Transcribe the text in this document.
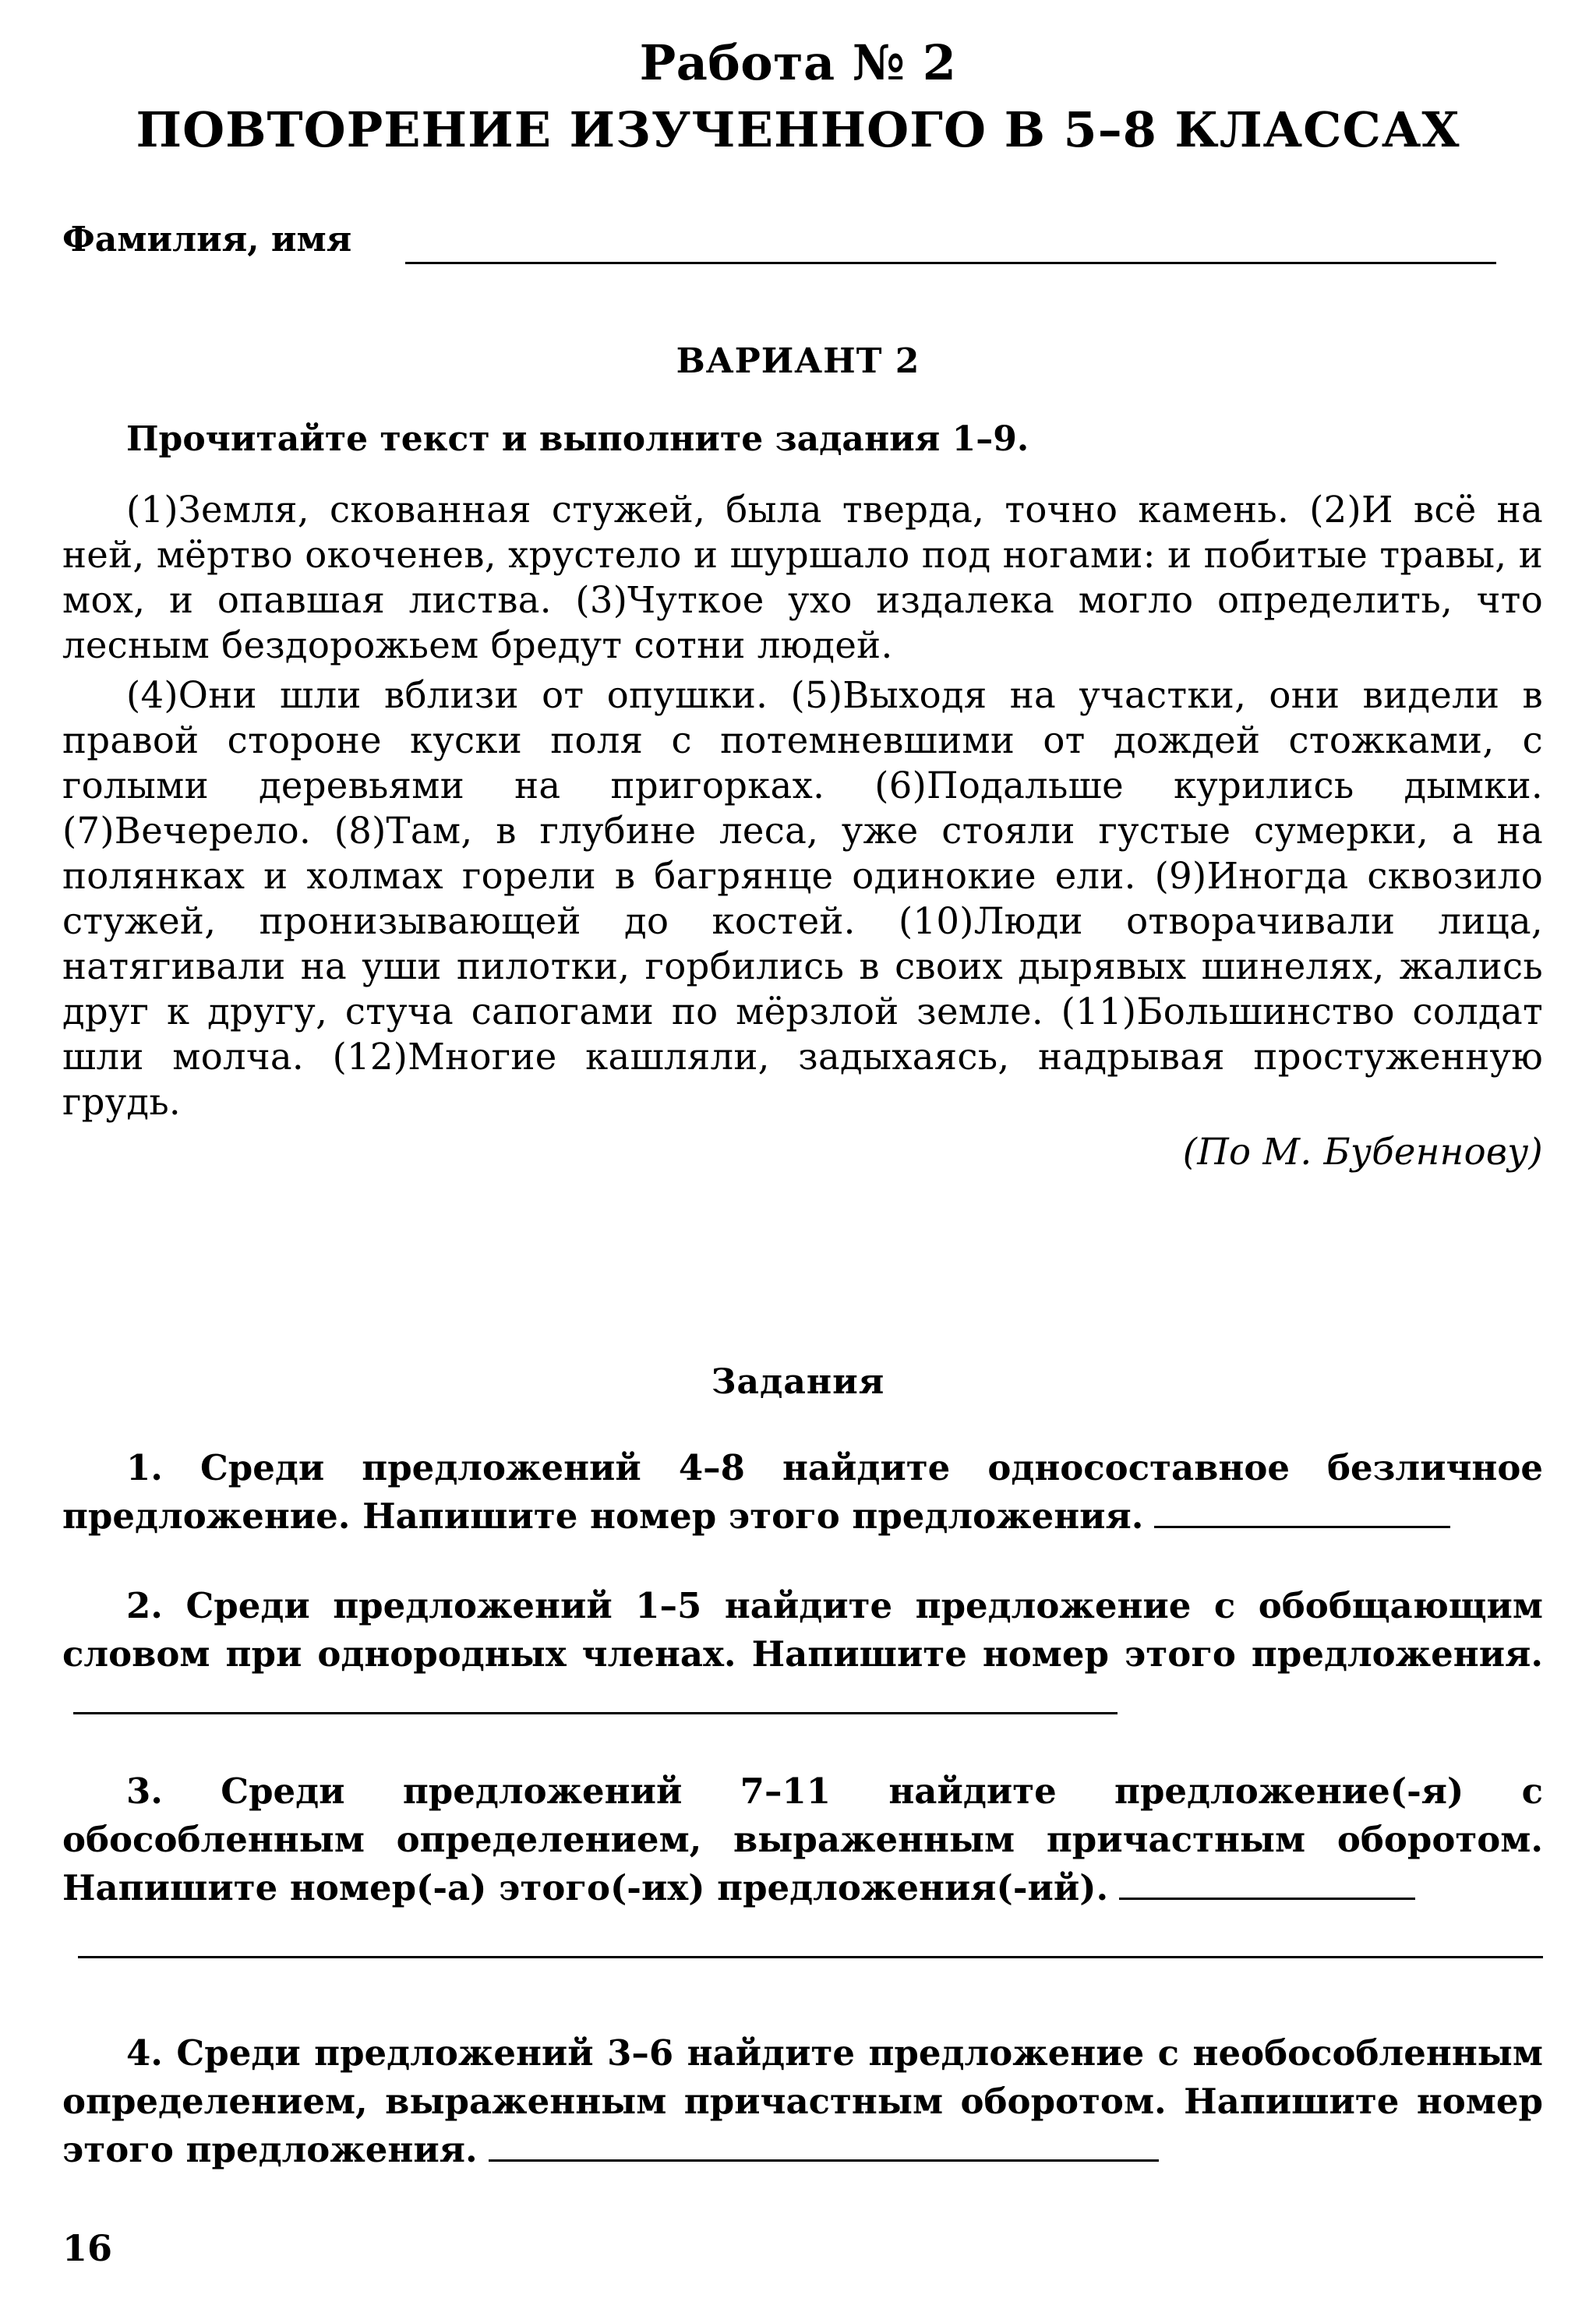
Работа № 2
ПОВТОРЕНИЕ ИЗУЧЕННОГО В 5–8 КЛАССАХ
Фамилия, имя
ВАРИАНТ 2
Прочитайте текст и выполните задания 1–9.

(1)Земля, скованная стужей, была тверда, точно камень. (2)И всё на ней, мёртво окоченев, хрустело и шуршало под ногами: и побитые травы, и мох, и опавшая листва. (3)Чуткое ухо издалека могло определить, что лесным бездорожьем бредут сотни людей.

(4)Они шли вблизи от опушки. (5)Выходя на участки, они видели в правой стороне куски поля с потемневшими от дождей стожками, с голыми деревьями на пригорках. (6)Подальше курились дымки. (7)Вечерело. (8)Там, в глубине леса, уже стояли густые сумерки, а на полянках и холмах горели в багрянце одинокие ели. (9)Иногда сквозило стужей, пронизывающей до костей. (10)Люди отворачивали лица, натягивали на уши пилотки, горбились в своих дырявых шинелях, жались друг к другу, стуча сапогами по мёрзлой земле. (11)Большинство солдат шли молча. (12)Многие кашляли, задыхаясь, надрывая простуженную грудь.

(По М. Бубеннову)
Задания
1. Среди предложений 4–8 найдите односоставное безличное предложение. Напишите номер этого предложения.
2. Среди предложений 1–5 найдите предложение с обобщающим словом при однородных членах. Напишите номер этого предложения.
3. Среди предложений 7–11 найдите предложение(-я) с обособленным определением, выраженным причастным оборотом. Напишите номер(-а) этого(-их) предложения(-ий).
4. Среди предложений 3–6 найдите предложение с необособленным определением, выраженным причастным оборотом. Напишите номер этого предложения.
16
